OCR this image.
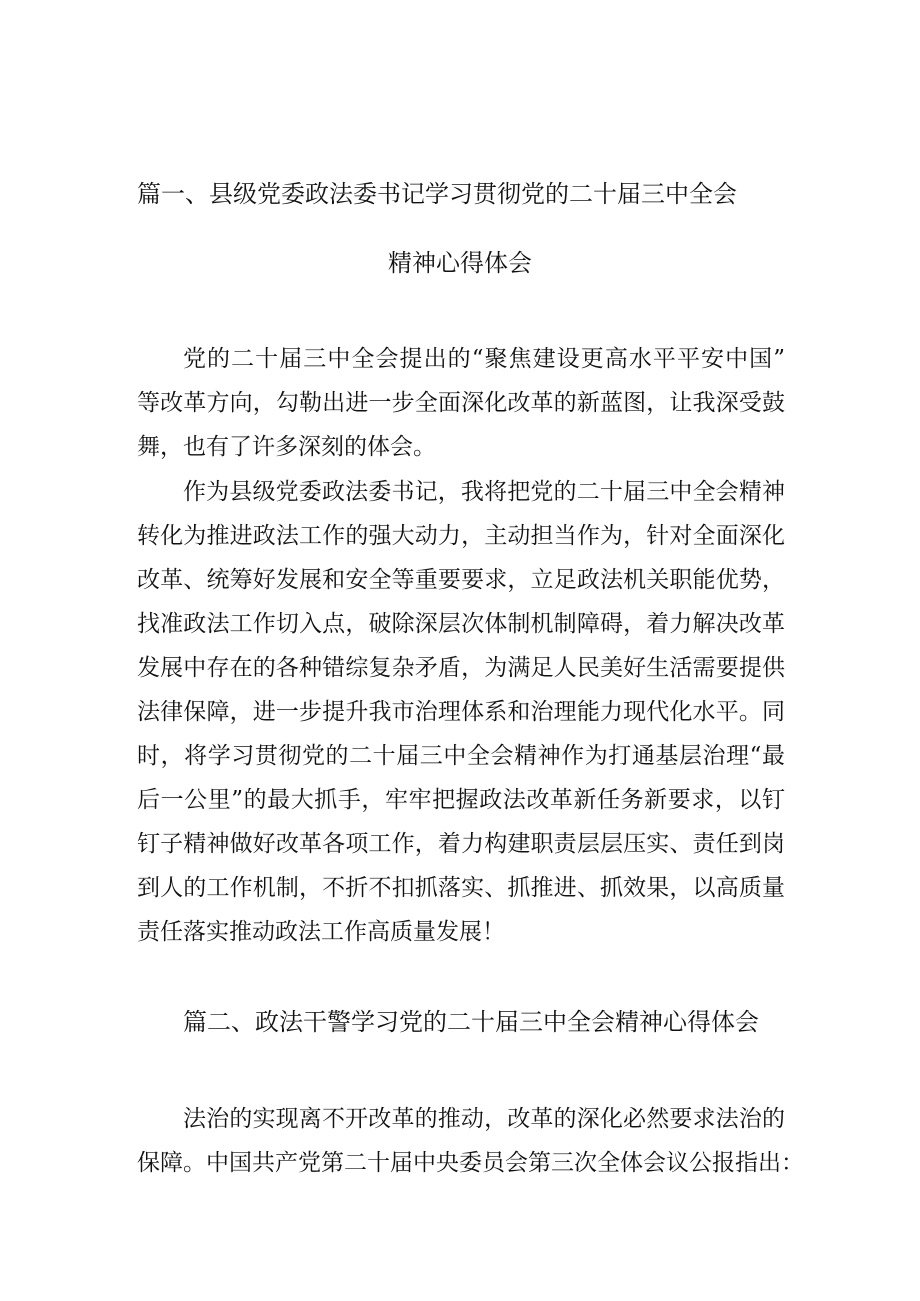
篇一、县级党委政法委书记学习贯彻党的二十届三中全会
精神心得体会
党的二十届三中全会提出的“聚焦建设更高水平平安中国”
等改革方向，勾勒出进一步全面深化改革的新蓝图，让我深受鼓
舞，也有了许多深刻的体会。
作为县级党委政法委书记，我将把党的二十届三中全会精神
转化为推进政法工作的强大动力，主动担当作为，针对全面深化
改革、统筹好发展和安全等重要要求，立足政法机关职能优势，
找准政法工作切入点，破除深层次体制机制障碍，着力解决改革
发展中存在的各种错综复杂矛盾，为满足人民美好生活需要提供
法律保障，进一步提升我市治理体系和治理能力现代化水平。同
时，将学习贯彻党的二十届三中全会精神作为打通基层治理“最
后一公里”的最大抓手，牢牢把握政法改革新任务新要求，以钉
钉子精神做好改革各项工作，着力构建职责层层压实、责任到岗
到人的工作机制，不折不扣抓落实、抓推进、抓效果，以高质量
责任落实推动政法工作高质量发展！
篇二、政法干警学习党的二十届三中全会精神心得体会
法治的实现离不开改革的推动，改革的深化必然要求法治的
保障。中国共产党第二十届中央委员会第三次全体会议公报指出：
